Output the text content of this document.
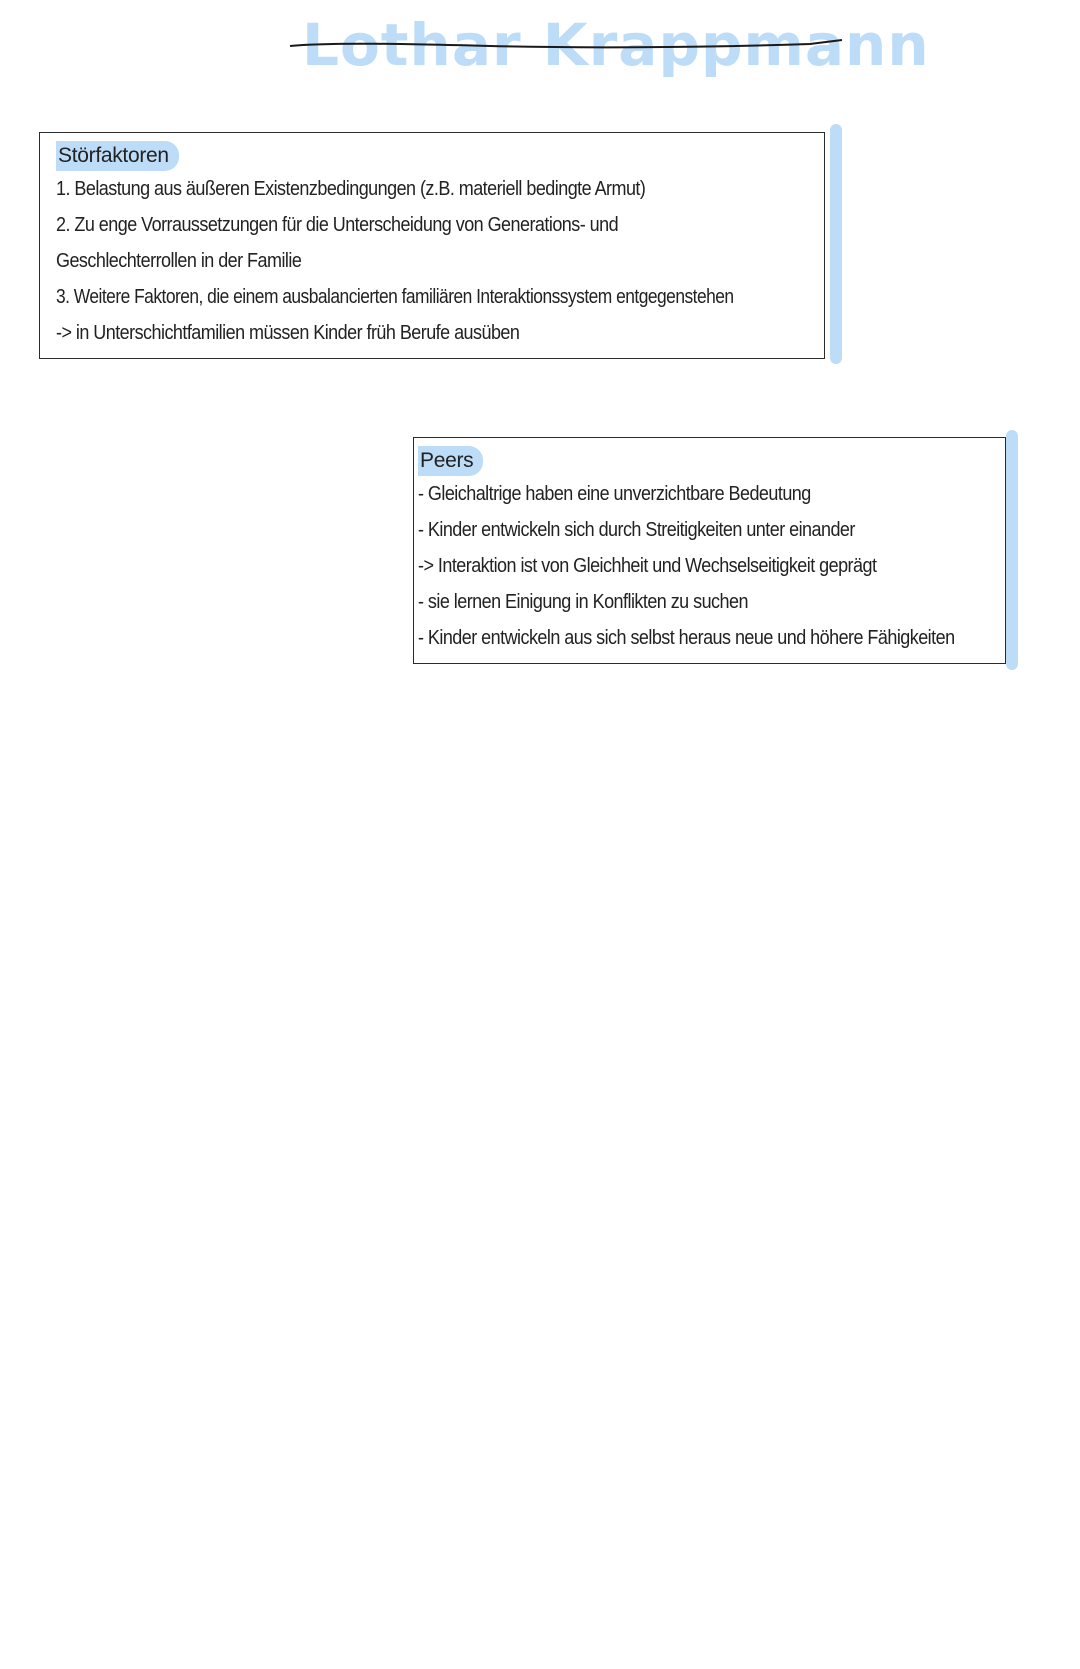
Lothar Krappmann
Störfaktoren
1. Belastung aus äußeren Existenzbedingungen (z.B. materiell bedingte Armut)
2. Zu enge Vorraussetzungen für die Unterscheidung von Generations- und
Geschlechterrollen in der Familie
3. Weitere Faktoren, die einem ausbalancierten familiären Interaktionssystem entgegenstehen
-> in Unterschichtfamilien müssen Kinder früh Berufe ausüben
Peers
- Gleichaltrige haben eine unverzichtbare Bedeutung
- Kinder entwickeln sich durch Streitigkeiten unter einander
-> Interaktion ist von Gleichheit und Wechselseitigkeit geprägt
- sie lernen Einigung in Konflikten zu suchen
- Kinder entwickeln aus sich selbst heraus neue und höhere Fähigkeiten
